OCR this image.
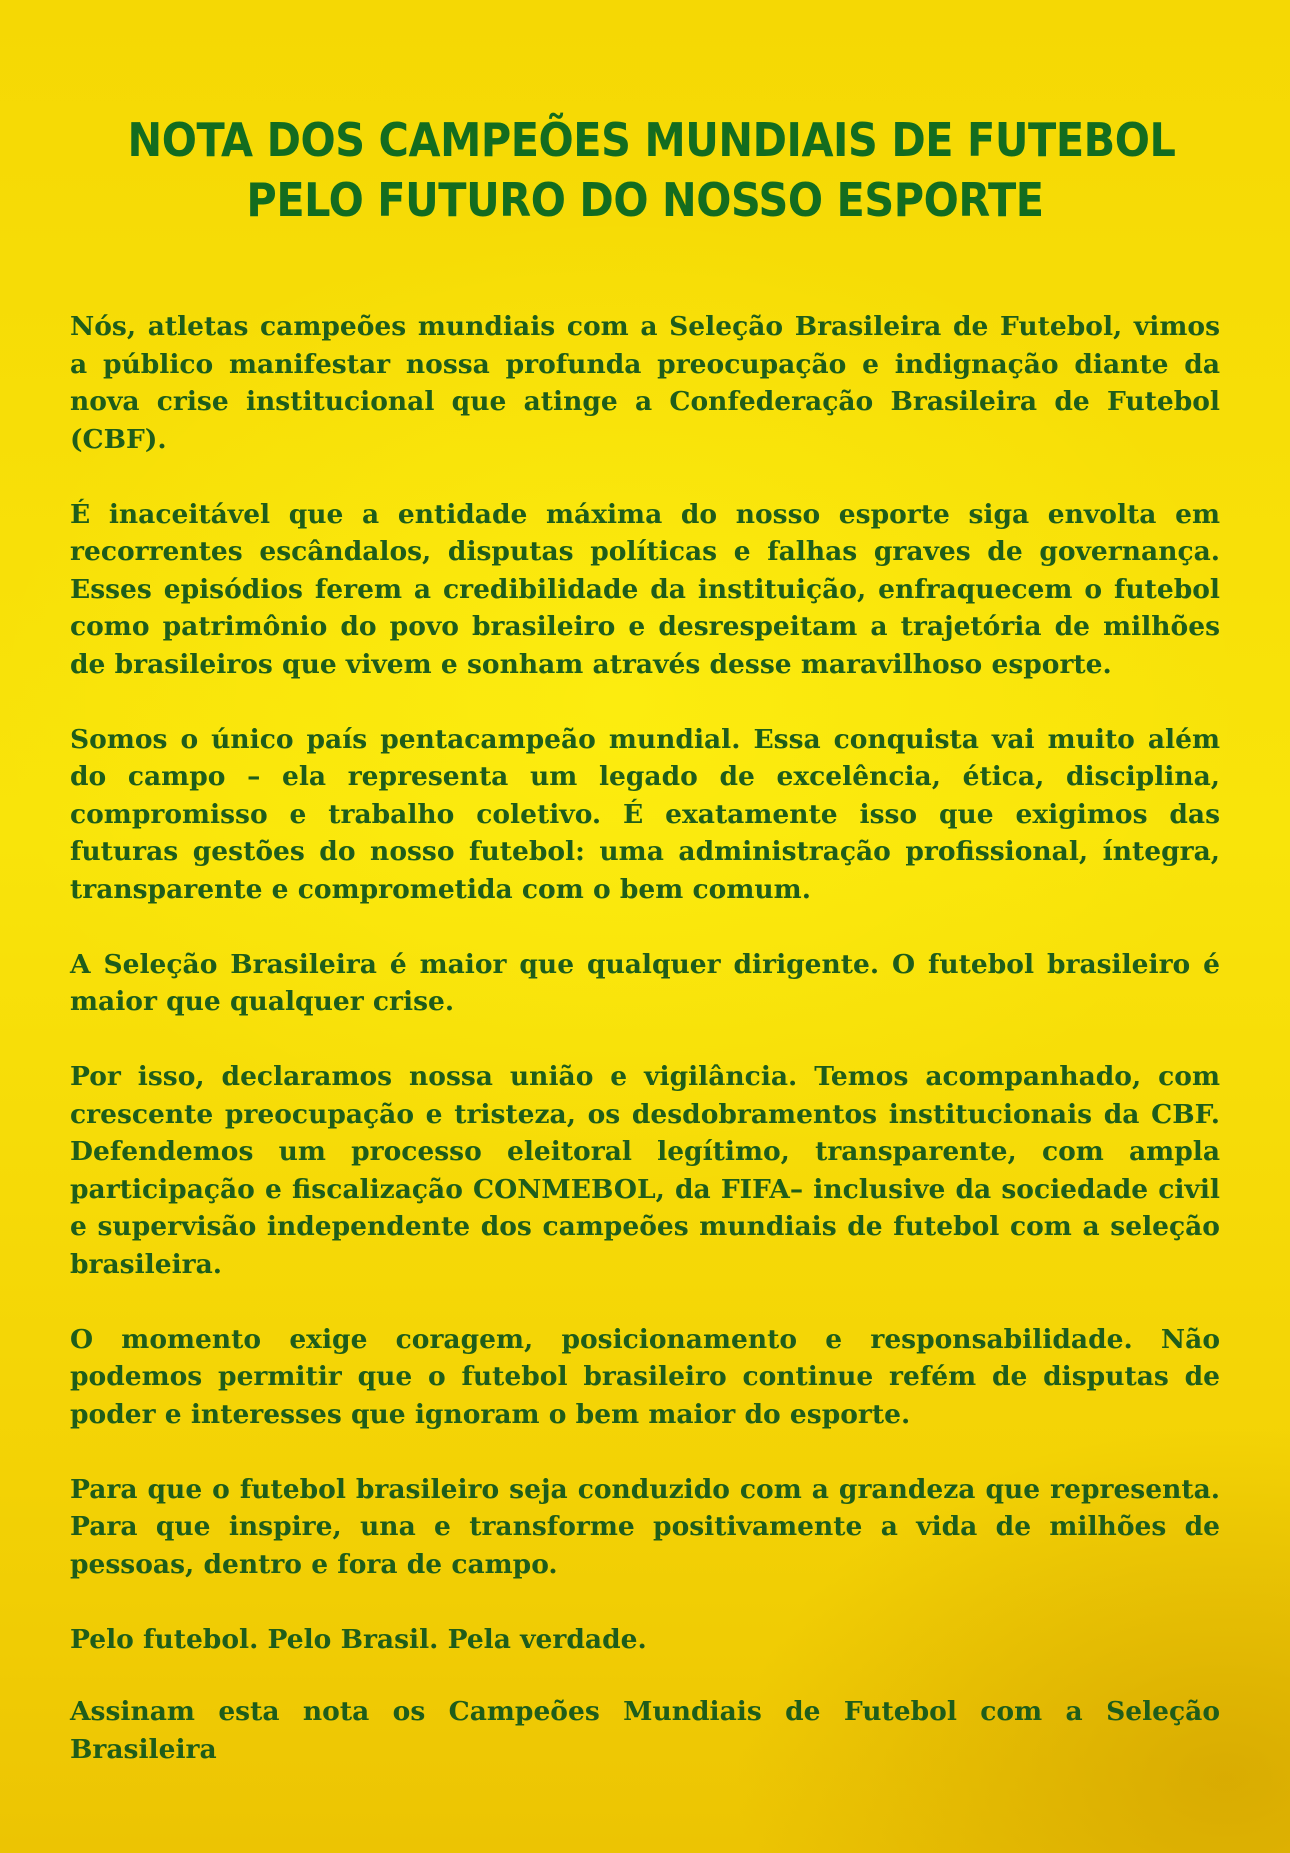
NOTA DOS CAMPEÕES MUNDIAIS DE FUTEBOL
PELO FUTURO DO NOSSO ESPORTE

Nós, atletas campeões mundiais com a Seleção Brasileira de Futebol, vimos a público manifestar nossa profunda preocupação e indignação diante da nova crise institucional que atinge a Confederação Brasileira de Futebol (CBF).

É inaceitável que a entidade máxima do nosso esporte siga envolta em recorrentes escândalos, disputas políticas e falhas graves de governança. Esses episódios ferem a credibilidade da instituição, enfraquecem o futebol como patrimônio do povo brasileiro e desrespeitam a trajetória de milhões de brasileiros que vivem e sonham através desse maravilhoso esporte.

Somos o único país pentacampeão mundial. Essa conquista vai muito além do campo – ela representa um legado de excelência, ética, disciplina, compromisso e trabalho coletivo. É exatamente isso que exigimos das futuras gestões do nosso futebol: uma administração profissional, íntegra, transparente e comprometida com o bem comum.

A Seleção Brasileira é maior que qualquer dirigente. O futebol brasileiro é maior que qualquer crise.

Por isso, declaramos nossa união e vigilância. Temos acompanhado, com crescente preocupação e tristeza, os desdobramentos institucionais da CBF. Defendemos um processo eleitoral legítimo, transparente, com ampla participação e fiscalização CONMEBOL, da FIFA– inclusive da sociedade civil e supervisão independente dos campeões mundiais de futebol com a seleção brasileira.

O momento exige coragem, posicionamento e responsabilidade. Não podemos permitir que o futebol brasileiro continue refém de disputas de poder e interesses que ignoram o bem maior do esporte.

Para que o futebol brasileiro seja conduzido com a grandeza que representa. Para que inspire, una e transforme positivamente a vida de milhões de pessoas, dentro e fora de campo.

Pelo futebol. Pelo Brasil. Pela verdade.

Assinam esta nota os Campeões Mundiais de Futebol com a Seleção Brasileira
